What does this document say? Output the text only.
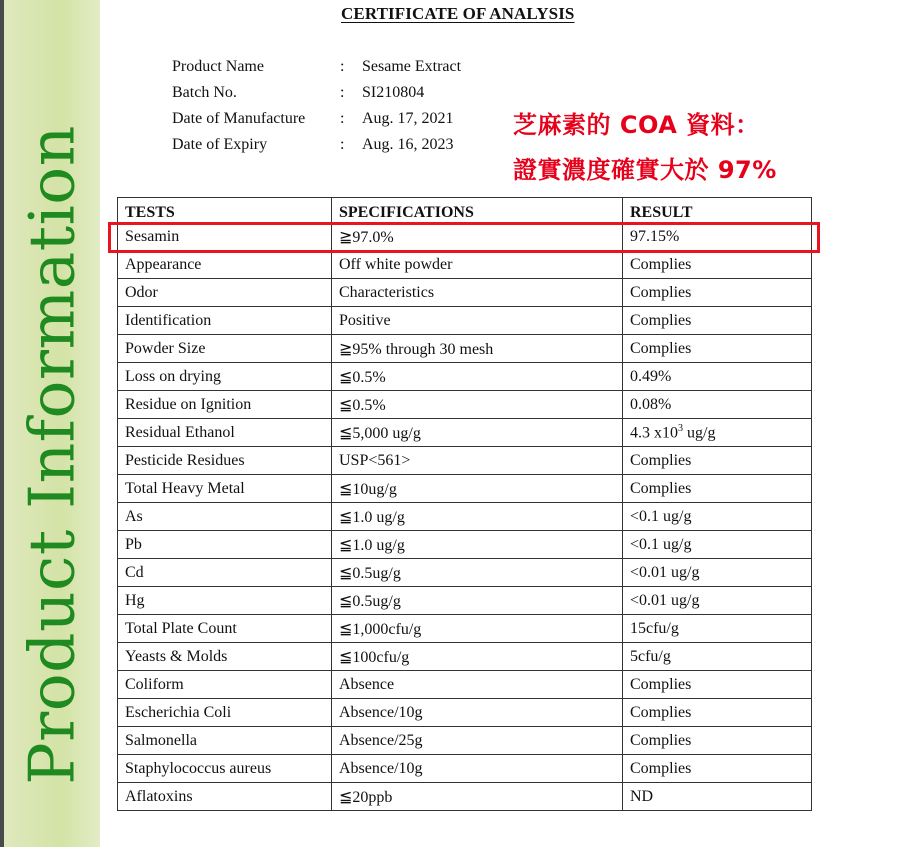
Product Information
CERTIFICATE OF ANALYSIS
Product Name	: Sesame Extract
Batch No.	: SI210804
Date of Manufacture : Aug. 17, 2021
Date of Expiry	: Aug. 16, 2023
芝麻素的 COA 資料：
證實濃度確實大於 97%
TESTS	SPECIFICATIONS	RESULT
Sesamin	≧97.0%	97.15%
Appearance	Off white powder	Complies
Odor	Characteristics	Complies
Identification	Positive	Complies
Powder Size	≧95% through 30 mesh	Complies
Loss on drying	≦0.5%	0.49%
Residue on Ignition	≦0.5%	0.08%
Residual Ethanol	≦5,000 ug/g	4.3 $x10^3$ ug/g
Pesticide Residues	USP<561>	Complies
Total Heavy Metal	≦10ug/g	Complies
As	≦1.0 ug/g	<0.1 ug/g
Pb	≦1.0 ug/g	<0.1 ug/g
Cd	≦0.5ug/g	<0.01 ug/g
Hg	≦0.5ug/g	<0.01 ug/g
Total Plate Count	≦1,000cfu/g	15cfu/g
Yeasts & Molds	≦100cfu/g	5cfu/g
Coliform	Absence	Complies
Escherichia Coli	Absence/10g	Complies
Salmonella	Absence/25g	Complies
Staphylococcus aureus	Absence/10g	Complies
Aflatoxins	≦20ppb	ND
